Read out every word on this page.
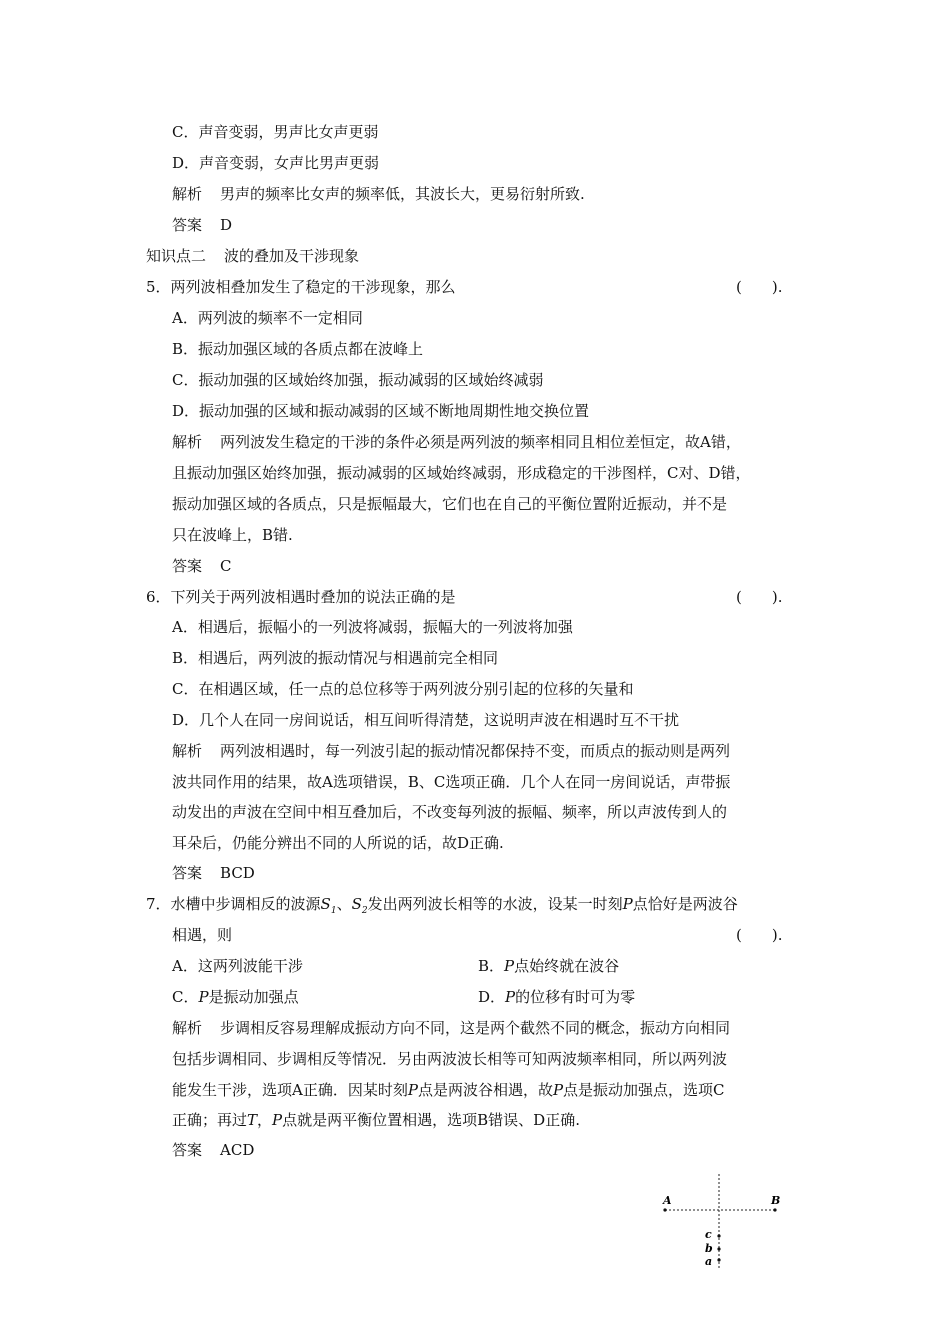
C．声音变弱，男声比女声更弱
D．声音变弱，女声比男声更弱
解析 男声的频率比女声的频率低，其波长大，更易衍射所致.
答案 D
知识点二 波的叠加及干涉现象
5．两列波相叠加发生了稳定的干涉现象，那么	(　　).
A．两列波的频率不一定相同
B．振动加强区域的各质点都在波峰上
C．振动加强的区域始终加强，振动减弱的区域始终减弱
D．振动加强的区域和振动减弱的区域不断地周期性地交换位置
解析 两列波发生稳定的干涉的条件必须是两列波的频率相同且相位差恒定，故A错，
且振动加强区始终加强，振动减弱的区域始终减弱，形成稳定的干涉图样，C对、D错，
振动加强区域的各质点，只是振幅最大，它们也在自己的平衡位置附近振动，并不是
只在波峰上，B错.
答案 C
6．下列关于两列波相遇时叠加的说法正确的是	(　　).
A．相遇后，振幅小的一列波将减弱，振幅大的一列波将加强
B．相遇后，两列波的振动情况与相遇前完全相同
C．在相遇区域，任一点的总位移等于两列波分别引起的位移的矢量和
D．几个人在同一房间说话，相互间听得清楚，这说明声波在相遇时互不干扰
解析 两列波相遇时，每一列波引起的振动情况都保持不变，而质点的振动则是两列
波共同作用的结果，故A选项错误，B、C选项正确．几个人在同一房间说话，声带振
动发出的声波在空间中相互叠加后，不改变每列波的振幅、频率，所以声波传到人的
耳朵后，仍能分辨出不同的人所说的话，故D正确.
答案 BCD
7．水槽中步调相反的波源$S_1$、$S_2$发出两列波长相等的水波，设某一时刻P点恰好是两波谷
相遇，则	(　　).
A．这两列波能干涉	B．P点始终就在波谷
C．P是振动加强点	D．P的位移有时可为零
解析 步调相反容易理解成振动方向不同，这是两个截然不同的概念，振动方向相同
包括步调相同、步调相反等情况．另由两波波长相等可知两波频率相同，所以两列波
能发生干涉，选项A正确．因某时刻P点是两波谷相遇，故P点是振动加强点，选项C
正确；再过T，P点就是两平衡位置相遇，选项B错误、D正确.
答案 ACD
A	B
c
b
a
